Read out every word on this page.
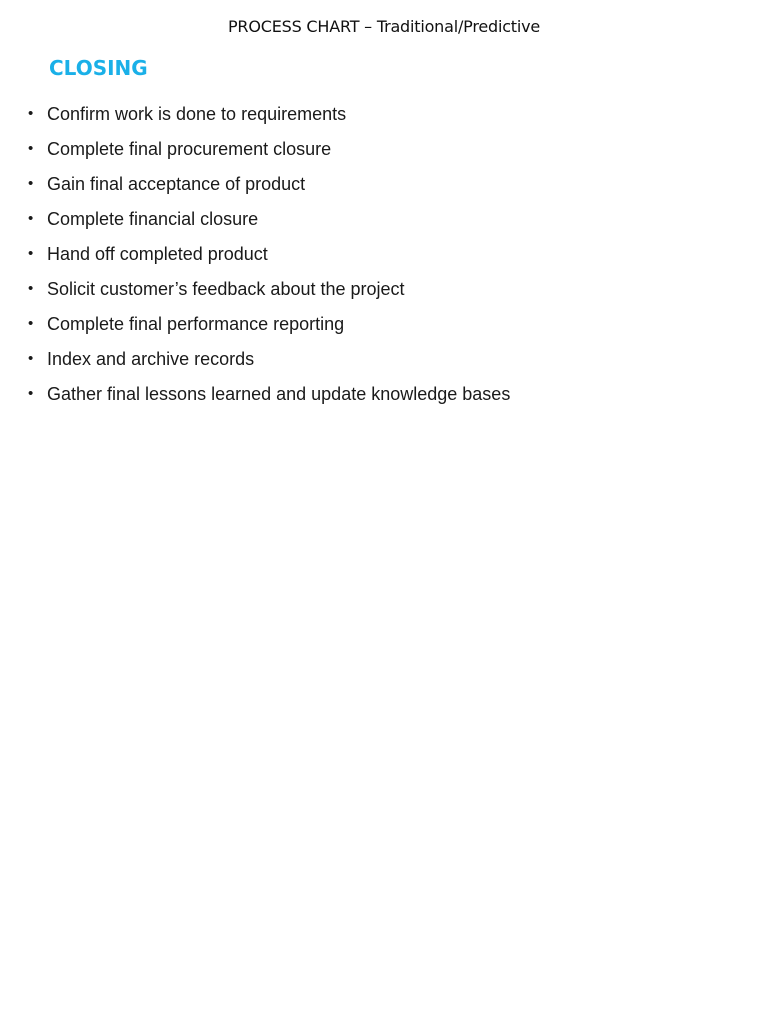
PROCESS CHART – Traditional/Predictive
CLOSING
• Confirm work is done to requirements
• Complete final procurement closure
• Gain final acceptance of product
• Complete financial closure
• Hand off completed product
• Solicit customer’s feedback about the project
• Complete final performance reporting
• Index and archive records
• Gather final lessons learned and update knowledge bases
